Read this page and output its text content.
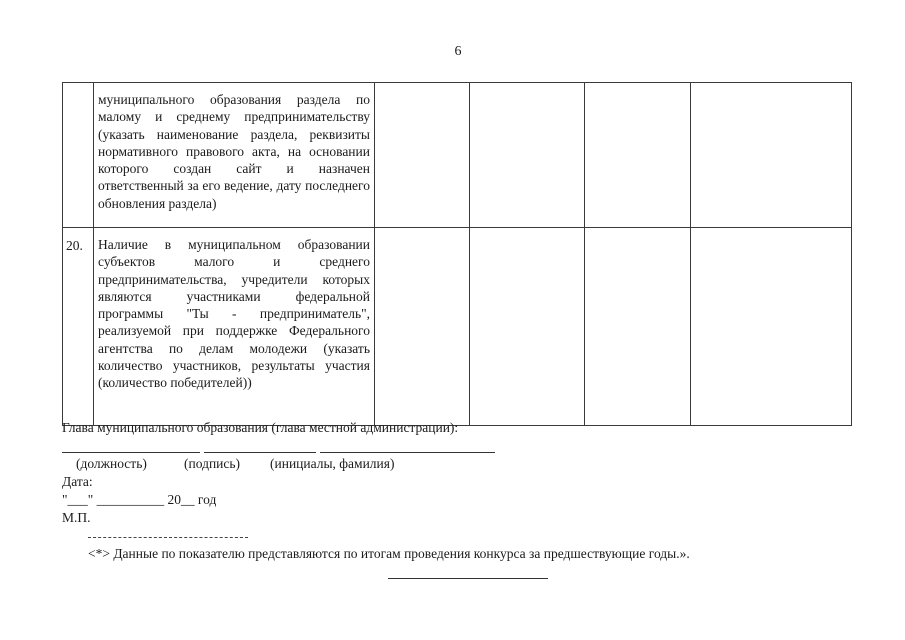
6
	муниципального образования раздела по малому и среднему предпринимательству (указать наименование раздела, реквизиты нормативного правового акта, на основании которого создан сайт и назначен ответственный за его ведение, дату последнего обновления раздела)				
20.	Наличие в муниципальном образовании субъектов малого и среднего предпринимательства, учредители которых являются участниками федеральной программы "Ты - предприниматель", реализуемой при поддержке Федерального агентства по делам молодежи (указать количество участников, результаты участия (количество победителей))				
Глава муниципального образования (глава местной администрации):
(должность)	(подпись) (инициалы, фамилия)
Дата:
"___" __________ 20__ год
М.П.
<*> Данные по показателю представляются по итогам проведения конкурса за предшествующие годы.».
